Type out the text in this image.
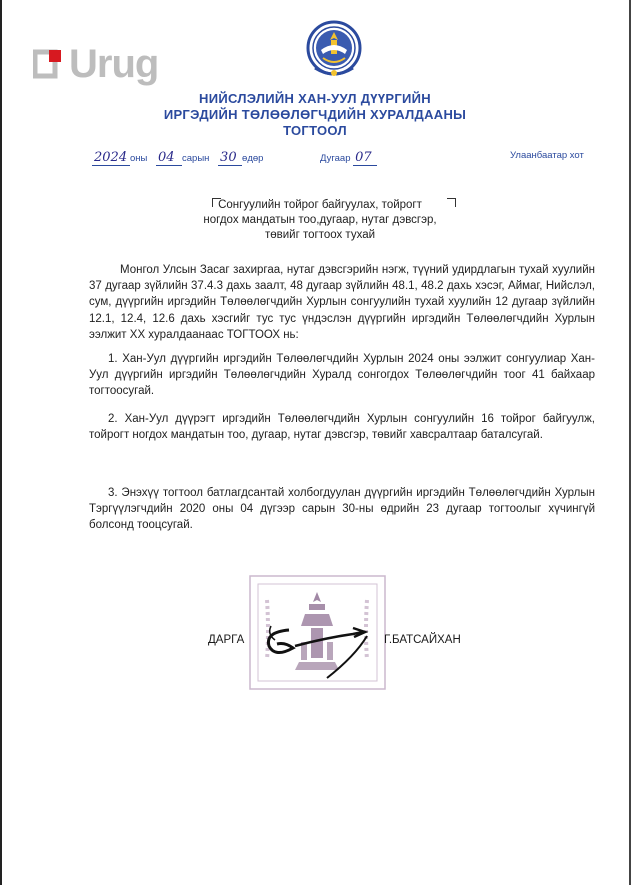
Urug
НИЙСЛЭЛИЙН ХАН-УУЛ ДҮҮРГИЙН
ИРГЭДИЙН ТӨЛӨӨЛӨГЧДИЙН ХУРАЛДААНЫ
ТОГТООЛ
2024 оны 04 сарын 30 өдөр	Дугаар 07	Улаанбаатар хот
Сонгуулийн тойрог байгуулах, тойрогт
ногдох мандатын тоо,дугаар, нутаг дэвсгэр,
төвийг тогтоох тухай

Монгол Улсын Засаг захиргаа, нутаг дэвсгэрийн нэгж, түүний удирдлагын тухай хуулийн 37 дугаар зүйлийн 37.4.3 дахь заалт, 48 дугаар зүйлийн 48.1, 48.2 дахь хэсэг, Аймаг, Нийслэл, сум, дүүргийн иргэдийн Төлөөлөгчдийн Хурлын сонгуулийн тухай хуулийн 12 дугаар зүйлийн 12.1, 12.4, 12.6 дахь хэсгийг тус тус үндэслэн дүүргийн иргэдийн Төлөөлөгчдийн Хурлын ээлжит XX хуралдаанаас ТОГТООХ нь:

1. Хан-Уул дүүргийн иргэдийн Төлөөлөгчдийн Хурлын 2024 оны ээлжит сонгуулиар Хан-Уул дүүргийн иргэдийн Төлөөлөгчдийн Хуралд сонгогдох Төлөөлөгчдийн тоог 41 байхаар тогтоосугай.

2. Хан-Уул дүүрэгт иргэдийн Төлөөлөгчдийн Хурлын сонгуулийн 16 тойрог байгуулж, тойрогт ногдох мандатын тоо, дугаар, нутаг дэвсгэр, төвийг хавсралтаар баталсугай.

3. Энэхүү тогтоол батлагдсантай холбогдуулан дүүргийн иргэдийн Төлөөлөгчдийн Хурлын Тэргүүлэгчдийн 2020 оны 04 дүгээр сарын 30-ны өдрийн 23 дугаар тогтоолыг хүчингүй болсонд тооцсугай.

ДАРГА	Г.БАТСАЙХАН
